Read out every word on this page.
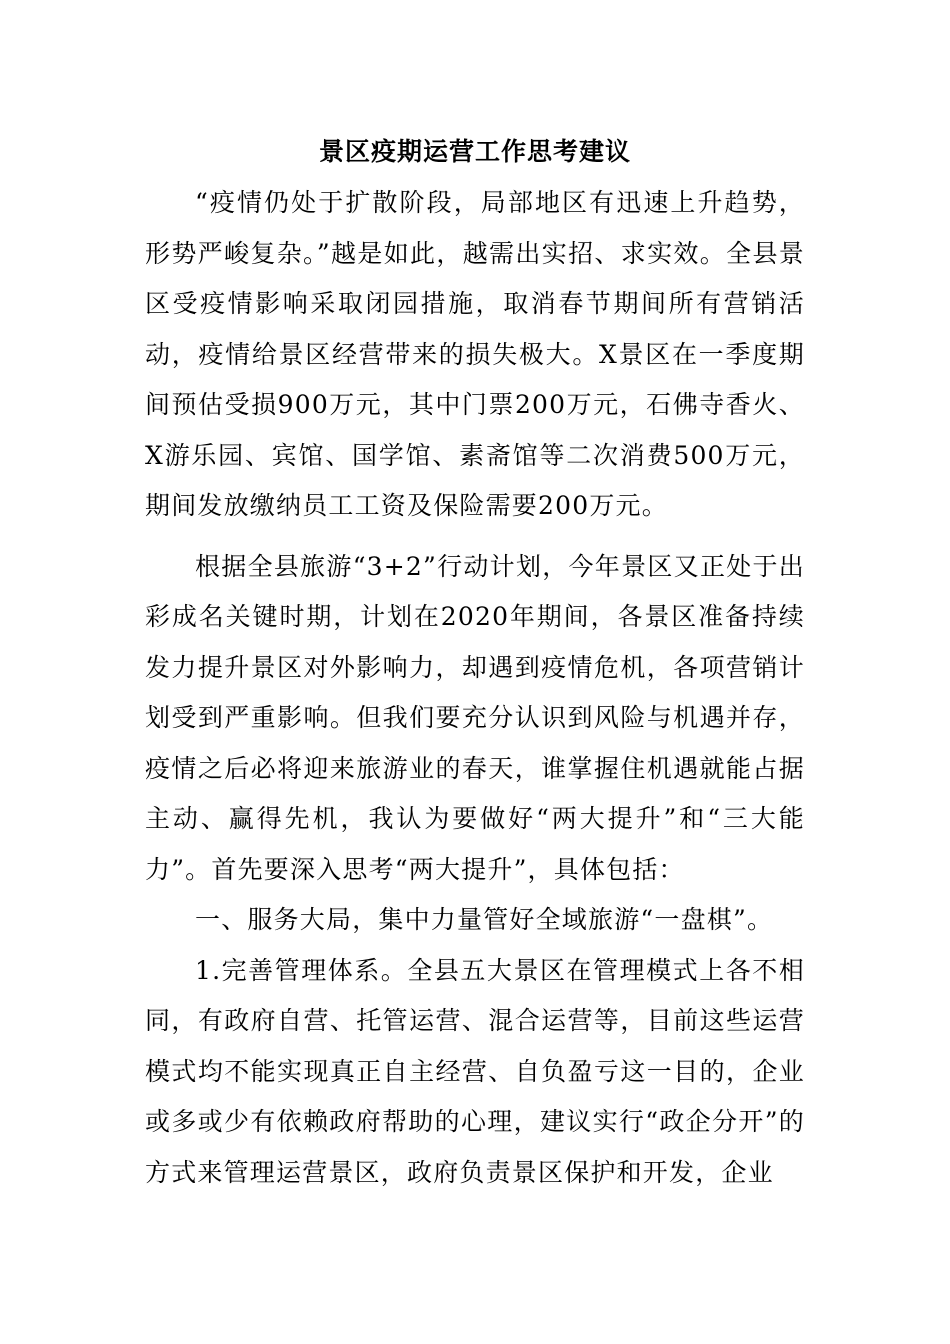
景区疫期运营工作思考建议

“疫情仍处于扩散阶段，局部地区有迅速上升趋势，形势严峻复杂。”越是如此，越需出实招、求实效。全县景区受疫情影响采取闭园措施，取消春节期间所有营销活动，疫情给景区经营带来的损失极大。X景区在一季度期间预估受损900万元，其中门票200万元，石佛寺香火、X游乐园、宾馆、国学馆、素斋馆等二次消费500万元，期间发放缴纳员工工资及保险需要200万元。

根据全县旅游“3+2”行动计划，今年景区又正处于出彩成名关键时期，计划在2020年期间，各景区准备持续发力提升景区对外影响力，却遇到疫情危机，各项营销计划受到严重影响。但我们要充分认识到风险与机遇并存，疫情之后必将迎来旅游业的春天，谁掌握住机遇就能占据主动、赢得先机，我认为要做好“两大提升”和“三大能力”。首先要深入思考“两大提升”，具体包括：

一、服务大局，集中力量管好全域旅游“一盘棋”。

1.完善管理体系。全县五大景区在管理模式上各不相同，有政府自营、托管运营、混合运营等，目前这些运营模式均不能实现真正自主经营、自负盈亏这一目的，企业或多或少有依赖政府帮助的心理，建议实行“政企分开”的方式来管理运营景区，政府负责景区保护和开发，企业
